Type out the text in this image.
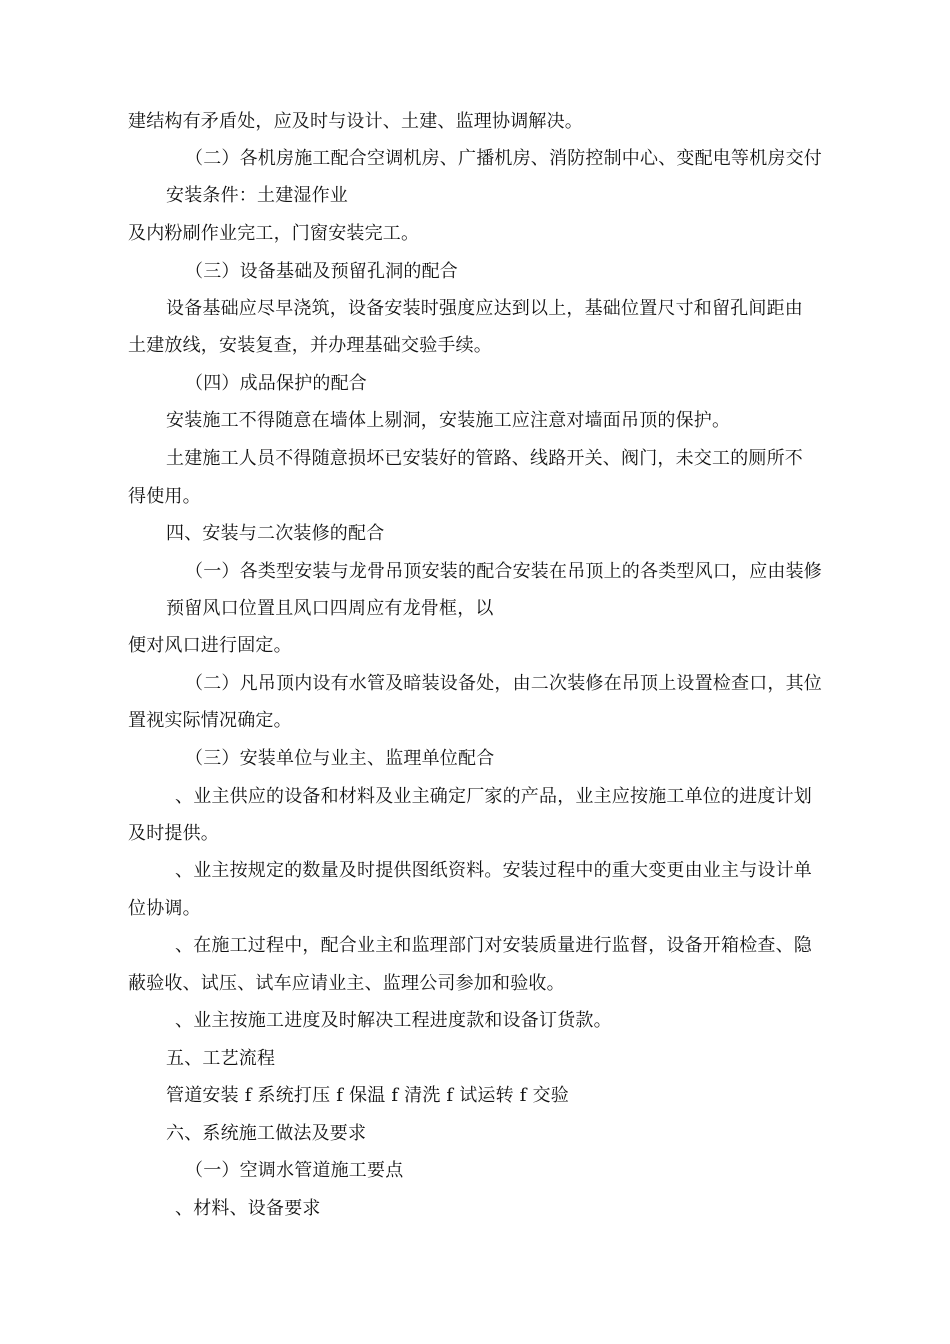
建结构有矛盾处，应及时与设计、土建、监理协调解决。
（二）各机房施工配合空调机房、广播机房、消防控制中心、变配电等机房交付
安装条件：土建湿作业
及内粉刷作业完工，门窗安装完工。
（三）设备基础及预留孔洞的配合
设备基础应尽早浇筑，设备安装时强度应达到以上，基础位置尺寸和留孔间距由
土建放线，安装复查，并办理基础交验手续。
（四）成品保护的配合
安装施工不得随意在墙体上剔洞，安装施工应注意对墙面吊顶的保护。
土建施工人员不得随意损坏已安装好的管路、线路开关、阀门，未交工的厕所不
得使用。
四、安装与二次装修的配合
（一）各类型安装与龙骨吊顶安装的配合安装在吊顶上的各类型风口，应由装修
预留风口位置且风口四周应有龙骨框，以
便对风口进行固定。
（二）凡吊顶内设有水管及暗装设备处，由二次装修在吊顶上设置检查口，其位
置视实际情况确定。
（三）安装单位与业主、监理单位配合
、业主供应的设备和材料及业主确定厂家的产品，业主应按施工单位的进度计划
及时提供。
、业主按规定的数量及时提供图纸资料。安装过程中的重大变更由业主与设计单
位协调。
、在施工过程中，配合业主和监理部门对安装质量进行监督，设备开箱检查、隐
蔽验收、试压、试车应请业主、监理公司参加和验收。
、业主按施工进度及时解决工程进度款和设备订货款。
五、工艺流程
管道安装 f 系统打压 f 保温 f 清洗 f 试运转 f 交验
六、系统施工做法及要求
（一）空调水管道施工要点
、材料、设备要求
